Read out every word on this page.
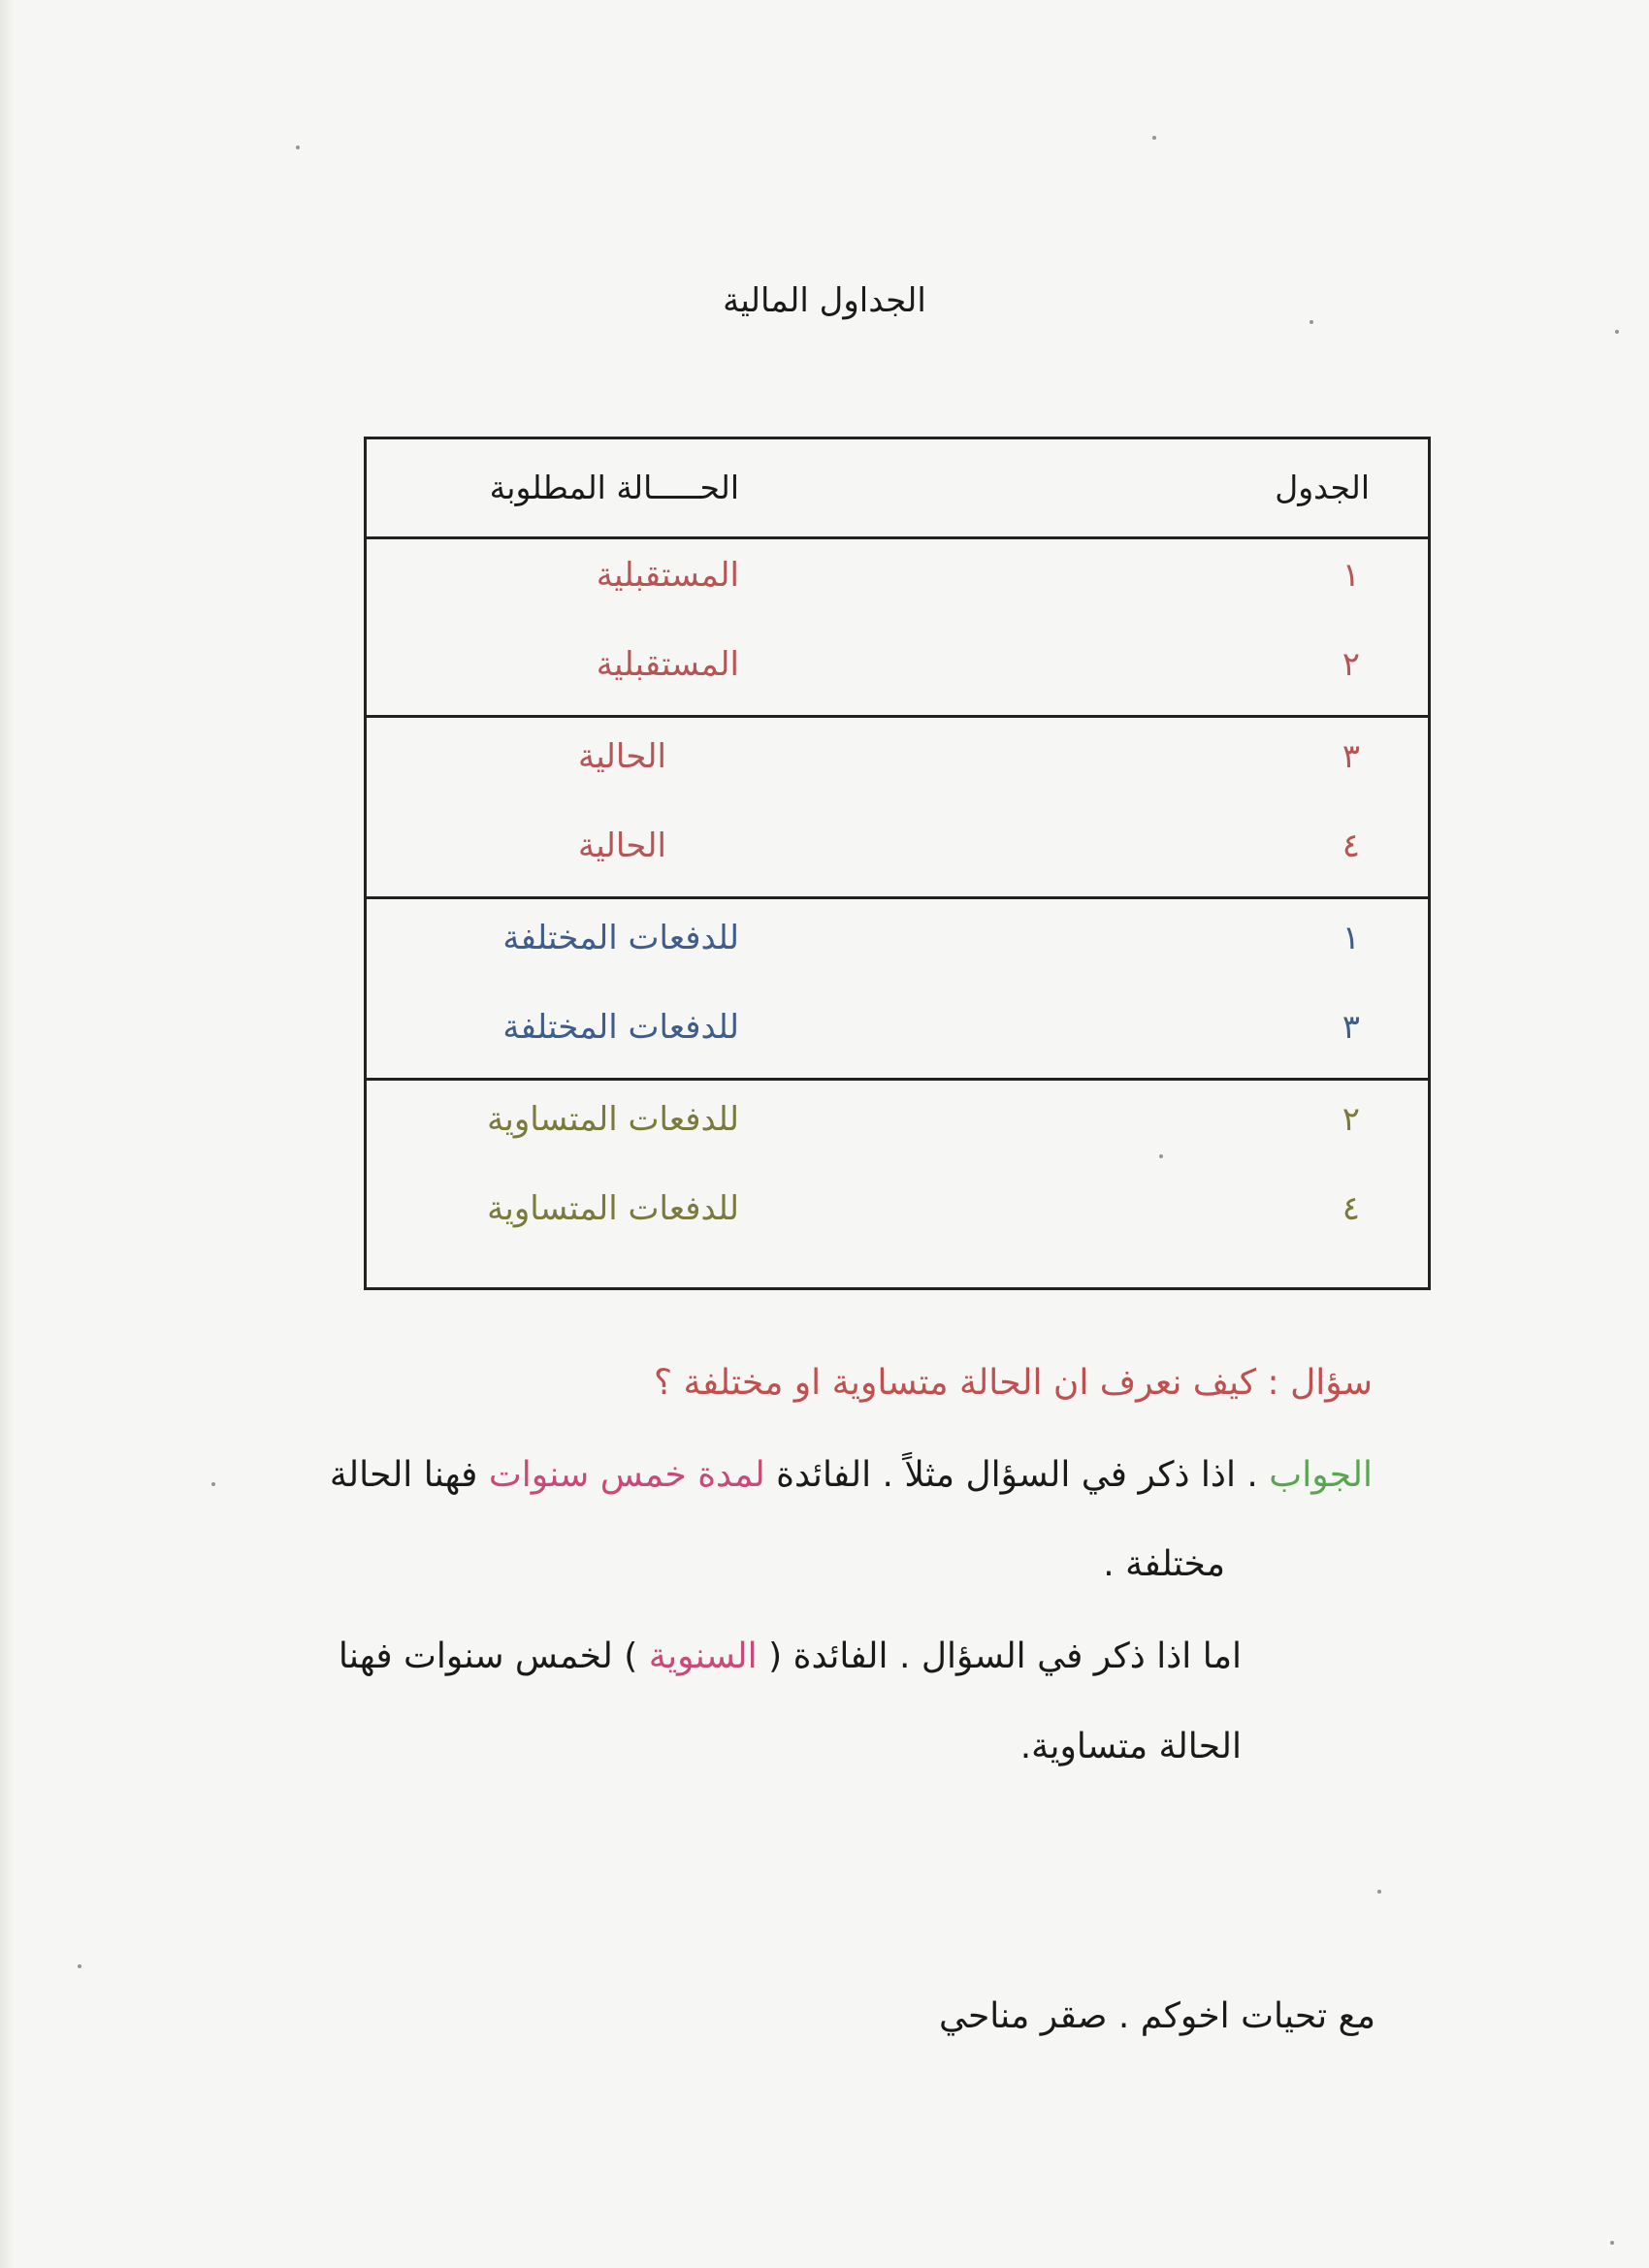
الجداول المالية
الجدول
الحـــــالة المطلوبة
١
المستقبلية
٢
المستقبلية
٣
الحالية
٤
الحالية
١
للدفعات المختلفة
٣
للدفعات المختلفة
٢
للدفعات المتساوية
٤
للدفعات المتساوية
سؤال : كيف نعرف ان الحالة متساوية او مختلفة ؟
الجواب . اذا ذكر في السؤال مثلاً . الفائدة لمدة خمس سنوات فهنا الحالة
مختلفة .
اما اذا ذكر في السؤال . الفائدة ( السنوية ) لخمس سنوات فهنا
الحالة متساوية.
مع تحيات اخوكم . صقر مناحي
